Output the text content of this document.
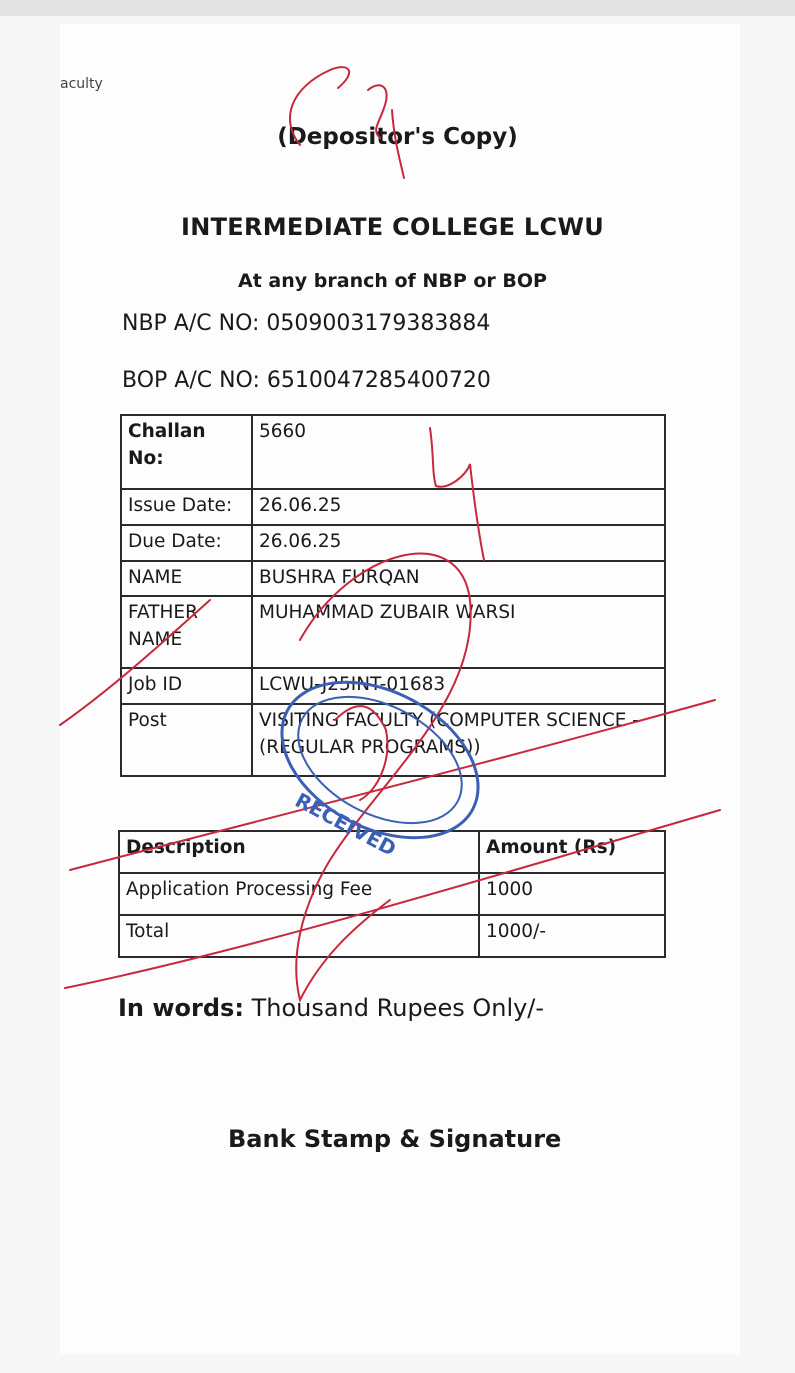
aculty
(Depositor's Copy)
INTERMEDIATE COLLEGE LCWU
At any branch of NBP or BOP
NBP A/C NO: 0509003179383884
BOP A/C NO: 6510047285400720
Challan No:	5660
Issue Date:	26.06.25
Due Date:	26.06.25
NAME	BUSHRA FURQAN
FATHER NAME	MUHAMMAD ZUBAIR WARSI
Job ID	LCWU-J25INT-01683
Post	VISITING FACULTY (COMPUTER SCIENCE - (REGULAR PROGRAMS))
Description	Amount (Rs)
Application Processing Fee	1000
Total	1000/-
In words: Thousand Rupees Only/-
Bank Stamp & Signature
RECEIVED
